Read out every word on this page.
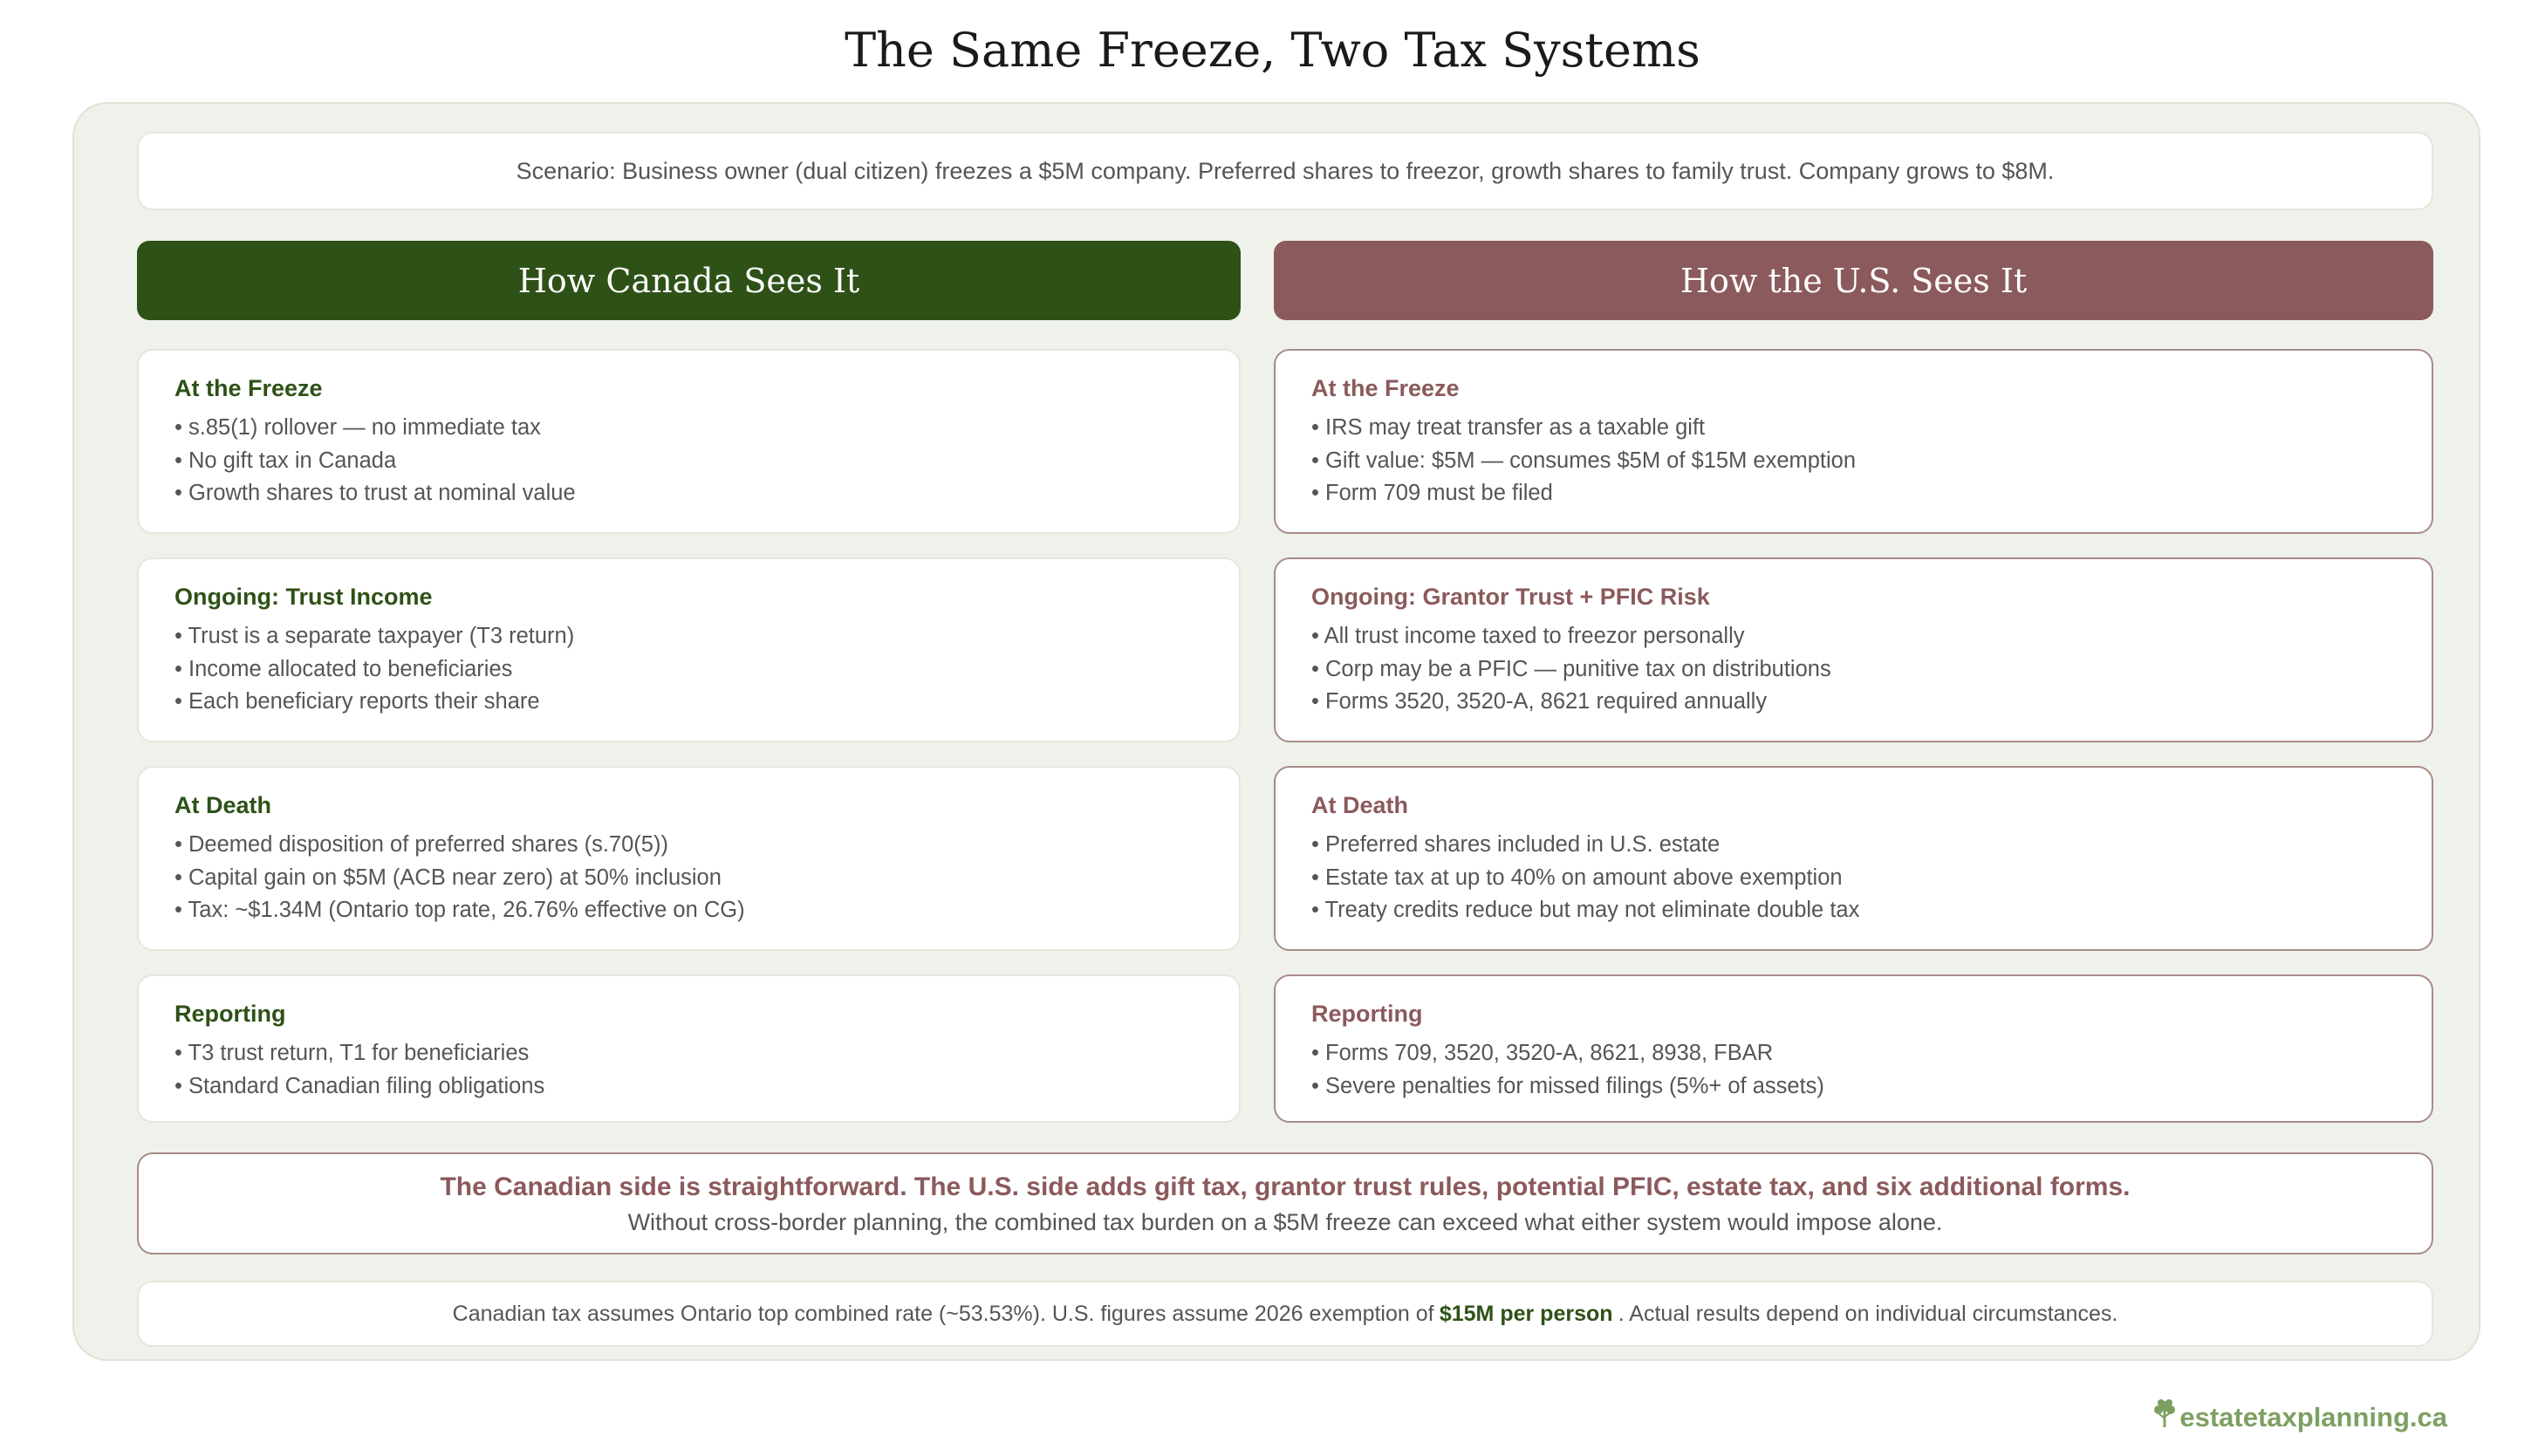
The Same Freeze, Two Tax Systems
Scenario: Business owner (dual citizen) freezes a $5M company. Preferred shares to freezor, growth shares to family trust. Company grows to $8M.
How Canada Sees It	How the U.S. Sees It
At the Freeze
• s.85(1) rollover — no immediate tax
• No gift tax in Canada
• Growth shares to trust at nominal value
Ongoing: Trust Income
• Trust is a separate taxpayer (T3 return)
• Income allocated to beneficiaries
• Each beneficiary reports their share
At Death
• Deemed disposition of preferred shares (s.70(5))
• Capital gain on $5M (ACB near zero) at 50% inclusion
• Tax: ~$1.34M (Ontario top rate, 26.76% effective on CG)
Reporting
• T3 trust return, T1 for beneficiaries
• Standard Canadian filing obligations
At the Freeze
• IRS may treat transfer as a taxable gift
• Gift value: $5M — consumes $5M of $15M exemption
• Form 709 must be filed
Ongoing: Grantor Trust + PFIC Risk
• All trust income taxed to freezor personally
• Corp may be a PFIC — punitive tax on distributions
• Forms 3520, 3520-A, 8621 required annually
At Death
• Preferred shares included in U.S. estate
• Estate tax at up to 40% on amount above exemption
• Treaty credits reduce but may not eliminate double tax
Reporting
• Forms 709, 3520, 3520-A, 8621, 8938, FBAR
• Severe penalties for missed filings (5%+ of assets)
The Canadian side is straightforward. The U.S. side adds gift tax, grantor trust rules, potential PFIC, estate tax, and six additional forms.
Without cross-border planning, the combined tax burden on a $5M freeze can exceed what either system would impose alone.
Canadian tax assumes Ontario top combined rate (~53.53%). U.S. figures assume 2026 exemption of $15M per person . Actual results depend on individual circumstances.
estatetaxplanning.ca
